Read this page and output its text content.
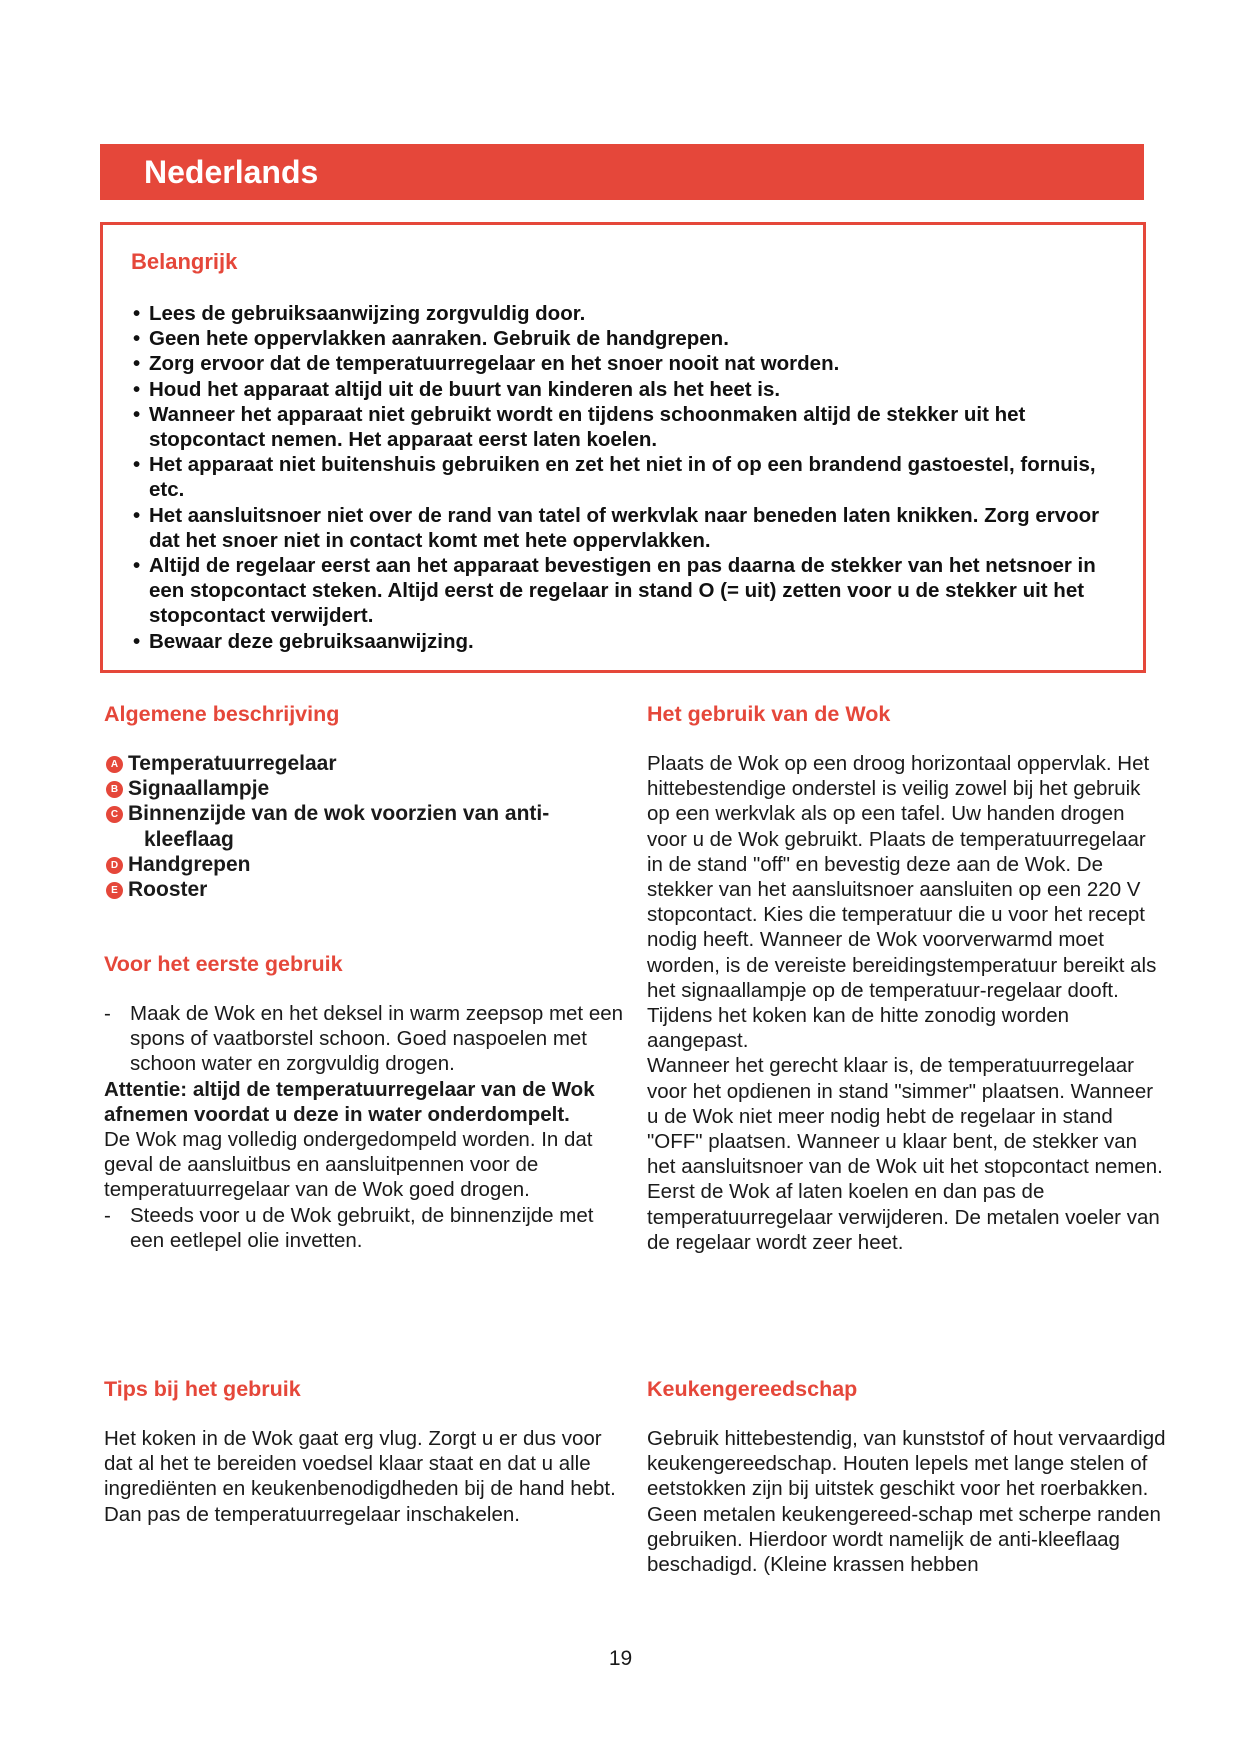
Nederlands
Belangrijk
• Lees de gebruiksaanwijzing zorgvuldig door.
• Geen hete oppervlakken aanraken. Gebruik de handgrepen.
• Zorg ervoor dat de temperatuurregelaar en het snoer nooit nat worden.
• Houd het apparaat altijd uit de buurt van kinderen als het heet is.
• Wanneer het apparaat niet gebruikt wordt en tijdens schoonmaken altijd de stekker uit het stopcontact nemen. Het apparaat eerst laten koelen.
• Het apparaat niet buitenshuis gebruiken en zet het niet in of op een brandend gastoestel, fornuis, etc.
• Het aansluitsnoer niet over de rand van tatel of werkvlak naar beneden laten knikken. Zorg ervoor dat het snoer niet in contact komt met hete oppervlakken.
• Altijd de regelaar eerst aan het apparaat bevestigen en pas daarna de stekker van het netsnoer in een stopcontact steken. Altijd eerst de regelaar in stand O (= uit) zetten voor u de stekker uit het stopcontact verwijdert.
• Bewaar deze gebruiksaanwijzing.
Algemene beschrijving
A Temperatuurregelaar
B Signaallampje
C Binnenzijde van de wok voorzien van anti-
kleeflaag
D Handgrepen
E Rooster
Voor het eerste gebruik

- Maak de Wok en het deksel in warm zeepsop met een spons of vaatborstel schoon. Goed naspoelen met schoon water en zorgvuldig drogen.

Attentie: altijd de temperatuurregelaar van de Wok afnemen voordat u deze in water onderdompelt.

De Wok mag volledig ondergedompeld worden. In dat geval de aansluitbus en aansluitpennen voor de temperatuurregelaar van de Wok goed drogen.

- Steeds voor u de Wok gebruikt, de binnenzijde met een eetlepel olie invetten.

Tips bij het gebruik
Het koken in de Wok gaat erg vlug. Zorgt u er dus voor dat al het te bereiden voedsel klaar staat en dat u alle ingrediënten en keukenbenodigdheden bij de hand hebt. Dan pas de temperatuurregelaar inschakelen.
Het gebruik van de Wok

Plaats de Wok op een droog horizontaal oppervlak. Het hittebestendige onderstel is veilig zowel bij het gebruik op een werkvlak als op een tafel. Uw handen drogen voor u de Wok gebruikt. Plaats de temperatuurregelaar in de stand "off" en bevestig deze aan de Wok. De stekker van het aansluitsnoer aansluiten op een 220 V stopcontact. Kies die temperatuur die u voor het recept nodig heeft. Wanneer de Wok voorverwarmd moet worden, is de vereiste bereidingstemperatuur bereikt als het signaallampje op de temperatuur-regelaar dooft. Tijdens het koken kan de hitte zonodig worden aangepast.

Wanneer het gerecht klaar is, de temperatuurregelaar voor het opdienen in stand "simmer" plaatsen. Wanneer u de Wok niet meer nodig hebt de regelaar in stand "OFF" plaatsen. Wanneer u klaar bent, de stekker van het aansluitsnoer van de Wok uit het stopcontact nemen. Eerst de Wok af laten koelen en dan pas de temperatuurregelaar verwijderen. De metalen voeler van de regelaar wordt zeer heet.

Keukengereedschap
Gebruik hittebestendig, van kunststof of hout vervaardigd keukengereedschap. Houten lepels met lange stelen of eetstokken zijn bij uitstek geschikt voor het roerbakken. Geen metalen keukengereed-schap met scherpe randen gebruiken. Hierdoor wordt namelijk de anti-kleeflaag beschadigd. (Kleine krassen hebben
19
